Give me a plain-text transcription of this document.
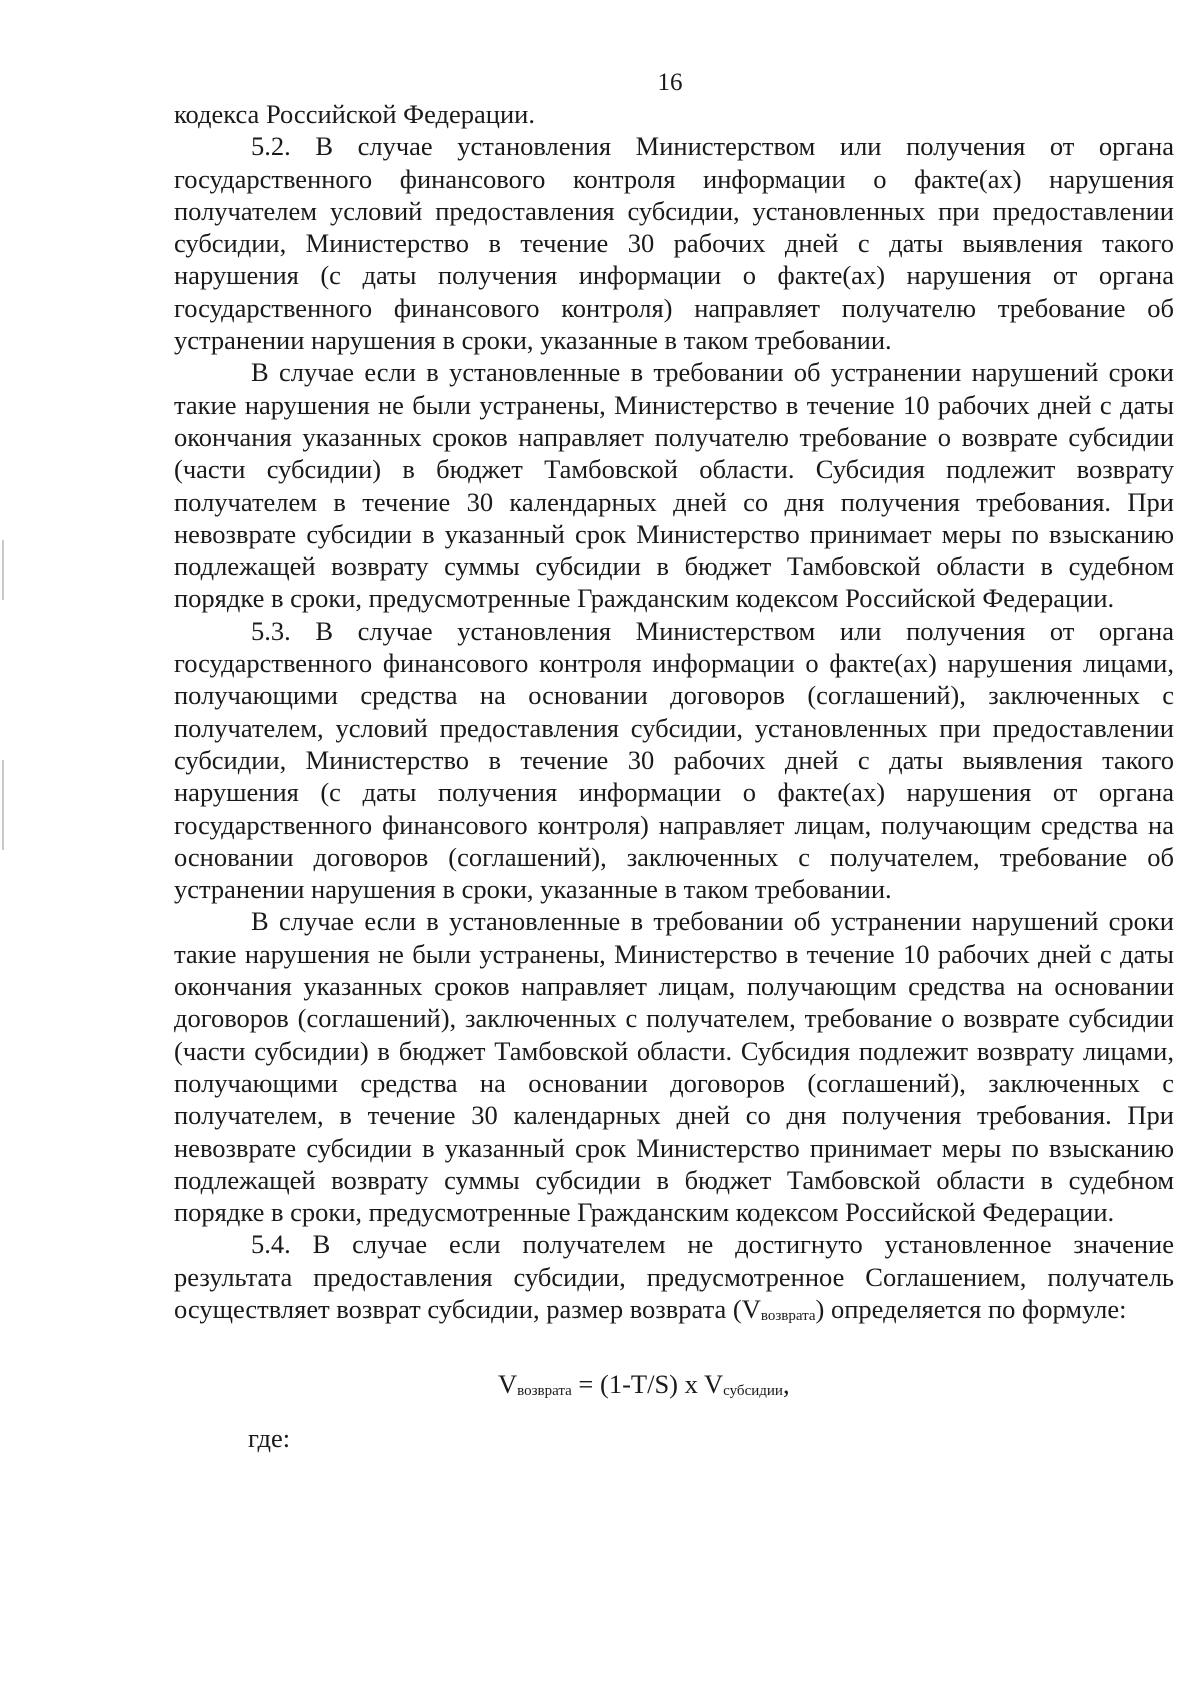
16

кодекса Российской Федерации.

5.2. В случае установления Министерством или получения от органа государственного финансового контроля информации о факте(ах) нарушения получателем условий предоставления субсидии, установленных при предоставлении субсидии, Министерство в течение 30 рабочих дней с даты выявления такого нарушения (с даты получения информации о факте(ах) нарушения от органа государственного финансового контроля) направляет получателю требование об устранении нарушения в сроки, указанные в таком требовании.

В случае если в установленные в требовании об устранении нарушений сроки такие нарушения не были устранены, Министерство в течение 10 рабочих дней с даты окончания указанных сроков направляет получателю требование о возврате субсидии (части субсидии) в бюджет Тамбовской области. Субсидия подлежит возврату получателем в течение 30 календарных дней со дня получения требования. При невозврате субсидии в указанный срок Министерство принимает меры по взысканию подлежащей возврату суммы субсидии в бюджет Тамбовской области в судебном порядке в сроки, предусмотренные Гражданским кодексом Российской Федерации.

5.3. В случае установления Министерством или получения от органа государственного финансового контроля информации о факте(ах) нарушения лицами, получающими средства на основании договоров (соглашений), заключенных с получателем, условий предоставления субсидии, установленных при предоставлении субсидии, Министерство в течение 30 рабочих дней с даты выявления такого нарушения (с даты получения информации о факте(ах) нарушения от органа государственного финансового контроля) направляет лицам, получающим средства на основании договоров (соглашений), заключенных с получателем, требование об устранении нарушения в сроки, указанные в таком требовании.

В случае если в установленные в требовании об устранении нарушений сроки такие нарушения не были устранены, Министерство в течение 10 рабочих дней с даты окончания указанных сроков направляет лицам, получающим средства на основании договоров (соглашений), заключенных с получателем, требование о возврате субсидии (части субсидии) в бюджет Тамбовской области. Субсидия подлежит возврату лицами, получающими средства на основании договоров (соглашений), заключенных с получателем, в течение 30 календарных дней со дня получения требования. При невозврате субсидии в указанный срок Министерство принимает меры по взысканию подлежащей возврату суммы субсидии в бюджет Тамбовской области в судебном порядке в сроки, предусмотренные Гражданским кодексом Российской Федерации.

5.4. В случае если получателем не достигнуто установленное значение результата предоставления субсидии, предусмотренное Соглашением, получатель осуществляет возврат субсидии, размер возврата (Vвозврата) определяется по формуле:

Vвозврата = (1-T/S) x Vсубсидии,
где:
